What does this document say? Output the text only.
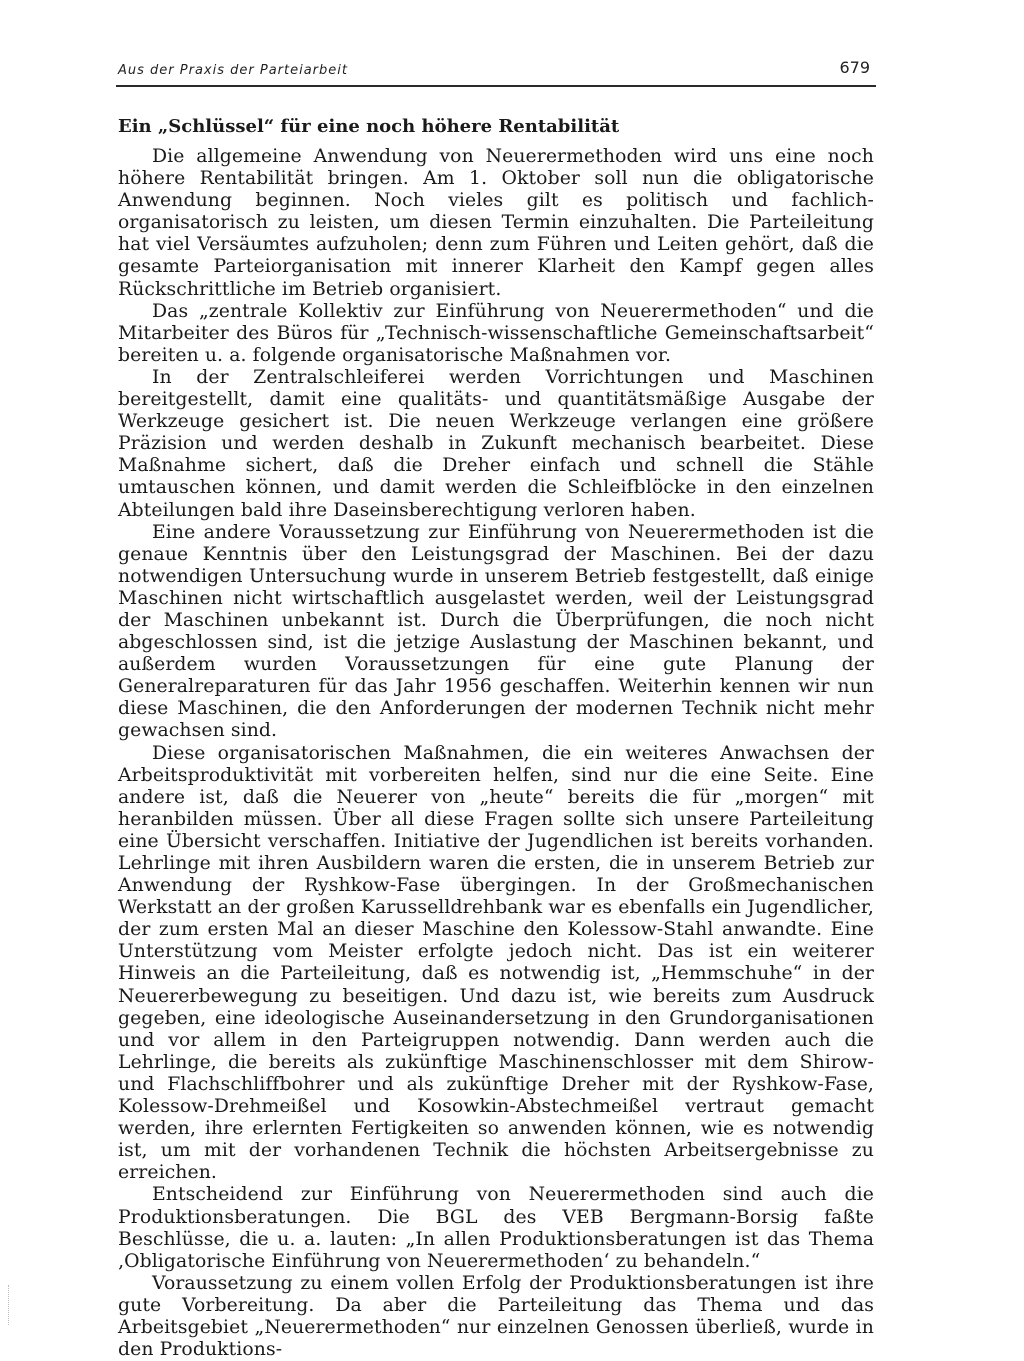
Aus der Praxis der Parteiarbeit	679
Ein „Schlüssel“ für eine noch höhere Rentabilität

Die allgemeine Anwendung von Neuerermethoden wird uns eine noch höhere Rentabilität bringen. Am 1. Oktober soll nun die obligatorische Anwendung beginnen. Noch vieles gilt es politisch und fachlich-organisatorisch zu leisten, um diesen Termin einzuhalten. Die Parteileitung hat viel Versäumtes aufzuholen; denn zum Führen und Leiten gehört, daß die gesamte Parteiorganisation mit innerer Klarheit den Kampf gegen alles Rückschrittliche im Betrieb organisiert.

Das „zentrale Kollektiv zur Einführung von Neuerermethoden“ und die Mitarbeiter des Büros für „Technisch-wissenschaftliche Gemeinschaftsarbeit“ bereiten u. a. folgende organisatorische Maßnahmen vor.

In der Zentralschleiferei werden Vorrichtungen und Maschinen bereitgestellt, damit eine qualitäts- und quantitätsmäßige Ausgabe der Werkzeuge gesichert ist. Die neuen Werkzeuge verlangen eine größere Präzision und werden deshalb in Zukunft mechanisch bearbeitet. Diese Maßnahme sichert, daß die Dreher einfach und schnell die Stähle umtauschen können, und damit werden die Schleifblöcke in den einzelnen Abteilungen bald ihre Daseinsberechtigung verloren haben.

Eine andere Voraussetzung zur Einführung von Neuerermethoden ist die genaue Kenntnis über den Leistungsgrad der Maschinen. Bei der dazu notwendigen Untersuchung wurde in unserem Betrieb festgestellt, daß einige Maschinen nicht wirtschaftlich ausgelastet werden, weil der Leistungsgrad der Maschinen unbekannt ist. Durch die Überprüfungen, die noch nicht abgeschlossen sind, ist die jetzige Auslastung der Maschinen bekannt, und außerdem wurden Voraussetzungen für eine gute Planung der Generalreparaturen für das Jahr 1956 geschaffen. Weiterhin kennen wir nun diese Maschinen, die den Anforderungen der modernen Technik nicht mehr gewachsen sind.

Diese organisatorischen Maßnahmen, die ein weiteres Anwachsen der Arbeitsproduktivität mit vorbereiten helfen, sind nur die eine Seite. Eine andere ist, daß die Neuerer von „heute“ bereits die für „morgen“ mit heranbilden müssen. Über all diese Fragen sollte sich unsere Parteileitung eine Übersicht verschaffen. Initiative der Jugendlichen ist bereits vorhanden. Lehrlinge mit ihren Ausbildern waren die ersten, die in unserem Betrieb zur Anwendung der Ryshkow-Fase übergingen. In der Großmechanischen Werkstatt an der großen Karusselldrehbank war es ebenfalls ein Jugendlicher, der zum ersten Mal an dieser Maschine den Kolessow-Stahl anwandte. Eine Unterstützung vom Meister erfolgte jedoch nicht. Das ist ein weiterer Hinweis an die Parteileitung, daß es notwendig ist, „Hemmschuhe“ in der Neuererbewegung zu beseitigen. Und dazu ist, wie bereits zum Ausdruck gegeben, eine ideologische Auseinandersetzung in den Grundorganisationen und vor allem in den Parteigruppen notwendig. Dann werden auch die Lehrlinge, die bereits als zukünftige Maschinenschlosser mit dem Shirow- und Flachschliffbohrer und als zukünftige Dreher mit der Ryshkow-Fase, Kolessow-Drehmeißel und Kosowkin-Abstechmeißel vertraut gemacht werden, ihre erlernten Fertigkeiten so anwenden können, wie es notwendig ist, um mit der vorhandenen Technik die höchsten Arbeitsergebnisse zu erreichen.

Entscheidend zur Einführung von Neuerermethoden sind auch die Produktionsberatungen. Die BGL des VEB Bergmann-Borsig faßte Beschlüsse, die u. a. lauten: „In allen Produktionsberatungen ist das Thema ‚Obligatorische Einführung von Neuerermethoden‘ zu behandeln.“

Voraussetzung zu einem vollen Erfolg der Produktionsberatungen ist ihre gute Vorbereitung. Da aber die Parteileitung das Thema und das Arbeitsgebiet „Neuerermethoden“ nur einzelnen Genossen überließ, wurde in den Produktions-
